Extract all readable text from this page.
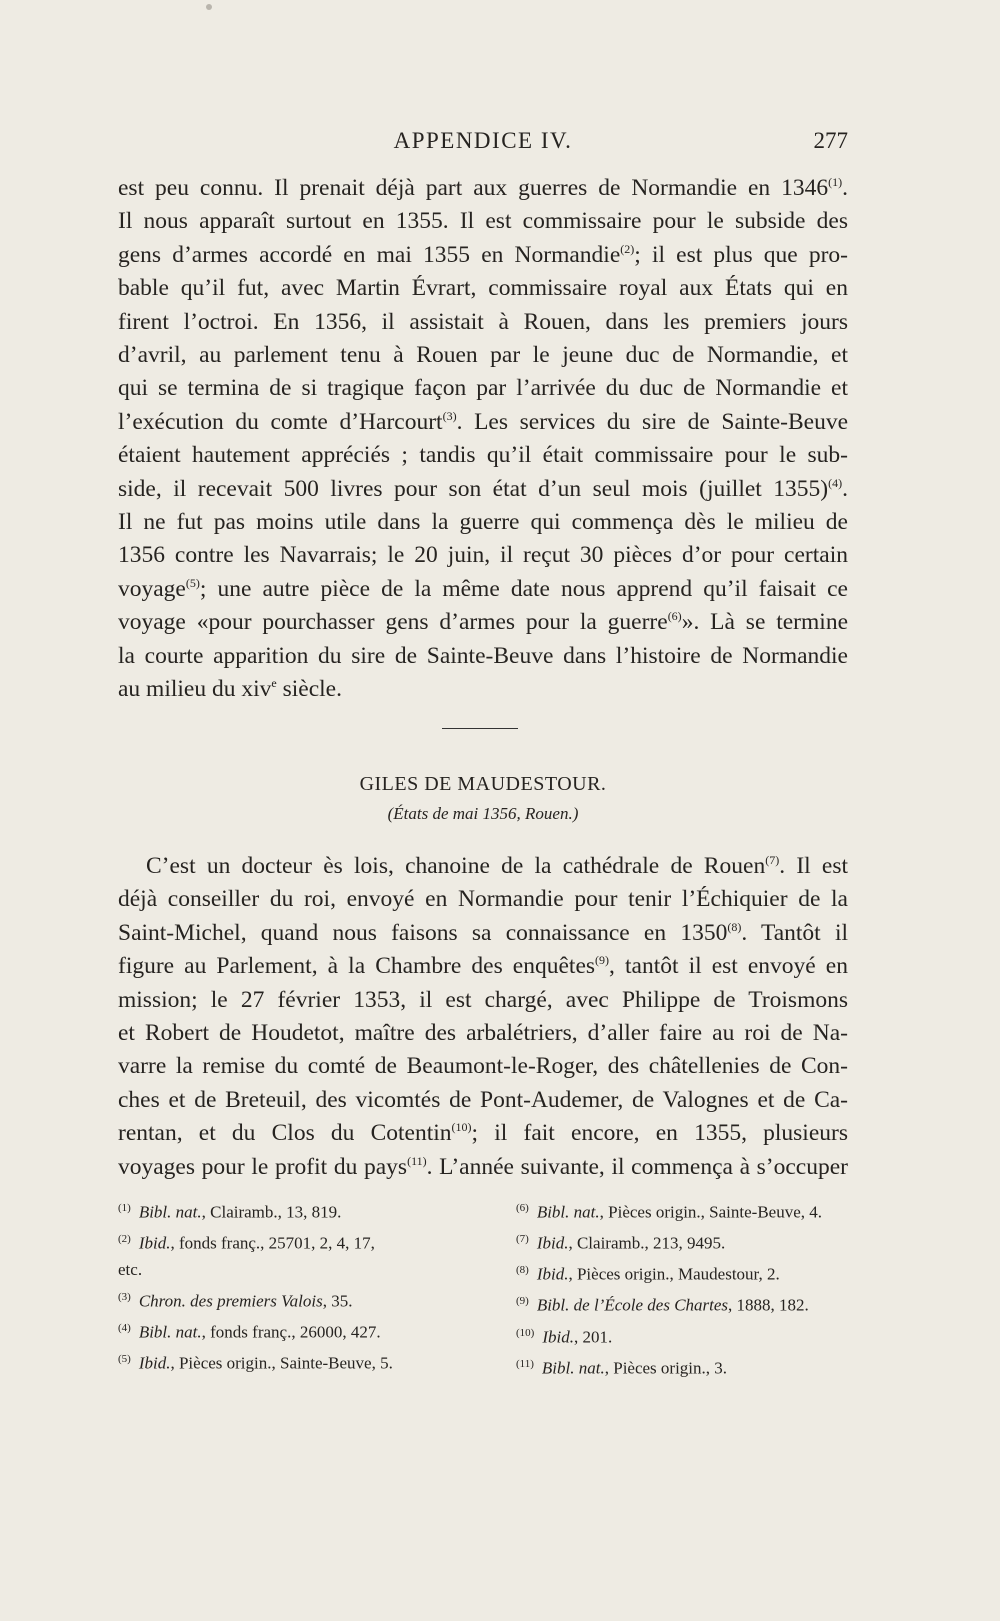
APPENDICE IV.	277
est peu connu. Il prenait déjà part aux guerres de Normandie en 1346$^{(1)}$.
Il nous apparaît surtout en 1355. Il est commissaire pour le subside des
gens d’armes accordé en mai 1355 en Normandie$^{(2)}$; il est plus que pro-
bable qu’il fut, avec Martin Évrart, commissaire royal aux États qui en
firent l’octroi. En 1356, il assistait à Rouen, dans les premiers jours
d’avril, au parlement tenu à Rouen par le jeune duc de Normandie, et
qui se termina de si tragique façon par l’arrivée du duc de Normandie et
l’exécution du comte d’Harcourt$^{(3)}$. Les services du sire de Sainte-Beuve
étaient hautement appréciés ; tandis qu’il était commissaire pour le sub-
side, il recevait 500 livres pour son état d’un seul mois (juillet 1355)$^{(4)}$.
Il ne fut pas moins utile dans la guerre qui commença dès le milieu de
1356 contre les Navarrais; le 20 juin, il reçut 30 pièces d’or pour certain
voyage$^{(5)}$; une autre pièce de la même date nous apprend qu’il faisait ce
voyage «pour pourchasser gens d’armes pour la guerre$^{(6)}$». Là se termine
la courte apparition du sire de Sainte-Beuve dans l’histoire de Normandie
au milieu du xiv$^e$ siècle.
GILES DE MAUDESTOUR.
(États de mai 1356, Rouen.)
C’est un docteur ès lois, chanoine de la cathédrale de Rouen$^{(7)}$. Il est
déjà conseiller du roi, envoyé en Normandie pour tenir l’Échiquier de la
Saint-Michel, quand nous faisons sa connaissance en 1350$^{(8)}$. Tantôt il
figure au Parlement, à la Chambre des enquêtes$^{(9)}$, tantôt il est envoyé en
mission; le 27 février 1353, il est chargé, avec Philippe de Troismons
et Robert de Houdetot, maître des arbalétriers, d’aller faire au roi de Na-
varre la remise du comté de Beaumont-le-Roger, des châtellenies de Con-
ches et de Breteuil, des vicomtés de Pont-Audemer, de Valognes et de Ca-
rentan, et du Clos du Cotentin$^{(10)}$; il fait encore, en 1355, plusieurs
voyages pour le profit du pays$^{(11)}$. L’année suivante, il commença à s’occuper
$^{(1)}$ Bibl. nat., Clairamb., 13, 819.
$^{(2)}$ Ibid., fonds franç., 25701, 2, 4, 17,
etc.
$^{(3)}$ Chron. des premiers Valois, 35.
$^{(4)}$ Bibl. nat., fonds franç., 26000, 427.
$^{(5)}$ Ibid., Pièces origin., Sainte-Beuve, 5.
$^{(6)}$ Bibl. nat., Pièces origin., Sainte-Beuve, 4.
$^{(7)}$ Ibid., Clairamb., 213, 9495.
$^{(8)}$ Ibid., Pièces origin., Maudestour, 2.
$^{(9)}$ Bibl. de l’École des Chartes, 1888, 182.
$^{(10)}$ Ibid., 201.
$^{(11)}$ Bibl. nat., Pièces origin., 3.
